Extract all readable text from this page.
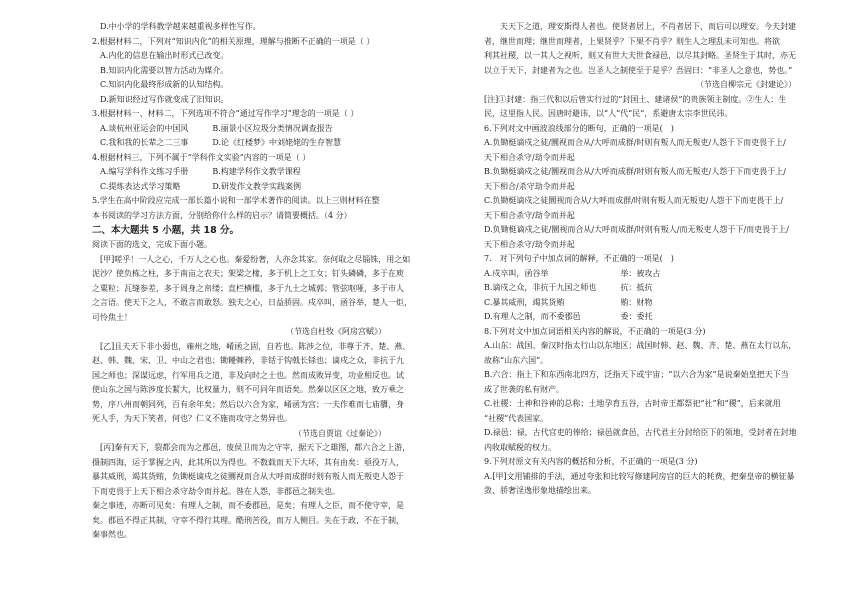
D.中小学的学科教学越来越重视多样性写作。
2.根据材料二，下列对“知识内化”的相关原理，理解与推断不正确的一项是（ ）
A.内化的信息在输出时形式已改变。
B.知识内化需要以智力活动为媒介。
C.知识内化最终形成新的认知结构。
D.新知识经过写作就变成了旧知识。
3.根据材料一、材料二，下列选项不符合“通过写作学习”理念的一项是（ ）
A.谈杭州亚运会的中国风　　　B.丽景小区垃圾分类情况调查报告
C.我和我的长辈之二三事　　　D.论《红楼梦》中刘姥姥的生存智慧
4.根据材料三，下列不属于“学科作文实验”内容的一项是（ ）
A.编写学科作文练习手册　　　B.构建学科作文教学课程
C.提炼表达式学习策略　　　　D.研发作文教学实践案例
5.学生在高中阶段应完成一部长篇小说和一部学术著作的阅读。以上三则材料在整
本书阅读的学习方法方面，分别给你什么样的启示？请简要概括。（4 分）
二、本大题共 5 小题，共 18 分。
阅读下面的选文，完成下面小题。
[甲]嗟乎！一人之心，千万人之心也。秦爱纷奢，人亦念其家。奈何取之尽锱铢，用之如
泥沙？使负栋之柱，多于南亩之农夫；架梁之椽，多于机上之工女；钉头磷磷，多于在庾
之粟粒；瓦缝参差，多于周身之帛缕；直栏横槛，多于九土之城郭；管弦呕哑，多于市人
之言语。使天下之人，不敢言而敢怒。独夫之心，日益骄固。戍卒叫，函谷举，楚人一炬，
可怜焦土！
（节选自杜牧《阿房宫赋》）
[乙]且夫天下非小弱也，雍州之地，崤函之固，自若也。陈涉之位，非尊于齐、楚、燕、
赵、韩、魏、宋、卫、中山之君也；锄耰棘矜，非铦于钩戟长铩也；谪戍之众，非抗于九
国之师也；深谋远虑，行军用兵之道，非及向时之士也。然而成败异变，功业相反也。试
使山东之国与陈涉度长絜大，比权量力，则不可同年而语矣。然秦以区区之地，致万乘之
势，序八州而朝同列，百有余年矣；然后以六合为家，崤函为宫；一夫作难而七庙隳，身
死人手，为天下笑者，何也？仁义不施而攻守之势异也。
（节选自贾谊《过秦论》）
[丙]秦有天下，裂都会而为之郡邑，废侯卫而为之守宰，据天下之雄图，都六合之上游，
摄制四海，运于掌握之内，此其所以为得也。不数载而天下大坏，其有由矣：亟役万人，
暴其威刑，竭其货贿，负锄梃谪戍之徒圜视而合从大呼而成群时则有叛人而无叛吏人怨于
下而吏畏于上天下相合杀守劫令而并起。咎在人怨，非郡邑之制失也。
秦之事迹，亦断可见矣：有理人之制，而不委郡邑，是矣；有理人之臣，而不使守宰，是
矣。郡邑不得正其制，守宰不得行其理。酷刑苦役，而万人侧目。失在于政，不在于制，
秦事然也。
夫天下之道，理安斯得人者也。使贤者居上，不肖者居下，而后可以理安。今夫封建
者，继世而理；继世而理者，上果贤乎？下果不肖乎？则生人之理乱未可知也。将欲
利其社稷，以一其人之视听，则又有世大夫世食禄邑，以尽其封略。圣贤生于其时，亦无
以立于天下，封建者为之也。岂圣人之制使至于是乎？吾固曰：“非圣人之意也，势也。”
（节选自柳宗元《封建论》）
[注]①封建：指三代和以后曾实行过的“封国土、建诸侯”的贵族领主制度。②生人：生
民，这里指人民。因唐时避讳，以“人”代“民”，系避唐太宗李世民讳。
6.下列对文中画波浪线部分的断句，正确的一项是(　)
A.负锄梃谪戍之徒/圜视而合从/大呼而成群/时则有叛人而无叛吏/人怨于下而吏畏于上/
天下相合杀守/劫令而并起
B.负锄梃谪戍之徒/圜视而合从/大呼而成群/时则有叛人而无叛吏/人怨于下而吏畏于上/
天下相合/杀守劫令而并起
C.负锄梃谪戍之徒圜视而合从/大呼而成群/时则有叛人而无叛吏/人怨于下而吏畏于上/
天下相合杀守/劫令而并起
D.负锄梃谪戍之徒/圜视而合从/大呼而成群/时则有叛人/而无叛吏人怨于下/而吏畏于上/
天下相合杀守/劫令而并起
7.　对下列句子中加点词的解释，不正确的一项是(　)
A.戍卒叫，函谷举　　　　　　　　　举：被攻占
B.谪戍之众，非抗于九国之师也　　　抗：抵抗
C.暴其威刑，竭其货贿　　　　　　　贿：财物
D.有理人之制，而不委郡邑　　　　　委：委托
8.下列对文中加点词语相关内容的解说，不正确的一项是(3 分)
A.山东：战国、秦汉时指太行山以东地区；战国时韩、赵、魏、齐、楚、燕在太行以东，
故称“山东六国”。
B.六合：指上下和东西南北四方，泛指天下或宇宙；“以六合为家”是说秦始皇把天下当
成了世袭的私有财产。
C.社稷：土神和谷神的总称；土地孕育五谷，古时帝王都祭祀“社”和“稷”，后来就用
“社稷”代表国家。
D.禄邑：禄，古代官吏的俸给；禄邑就食邑，古代君主分封给臣下的领地，受封者在封地
内收取赋税的权力。
9.下列对原文有关内容的概括和分析，不正确的一项是(3 分)
A.[甲]文用铺排的手法，通过夸张和比较写修建阿房宫的巨大的耗费，把秦皇帝的横征暴
敛、骄奢淫逸形象地描绘出来。
